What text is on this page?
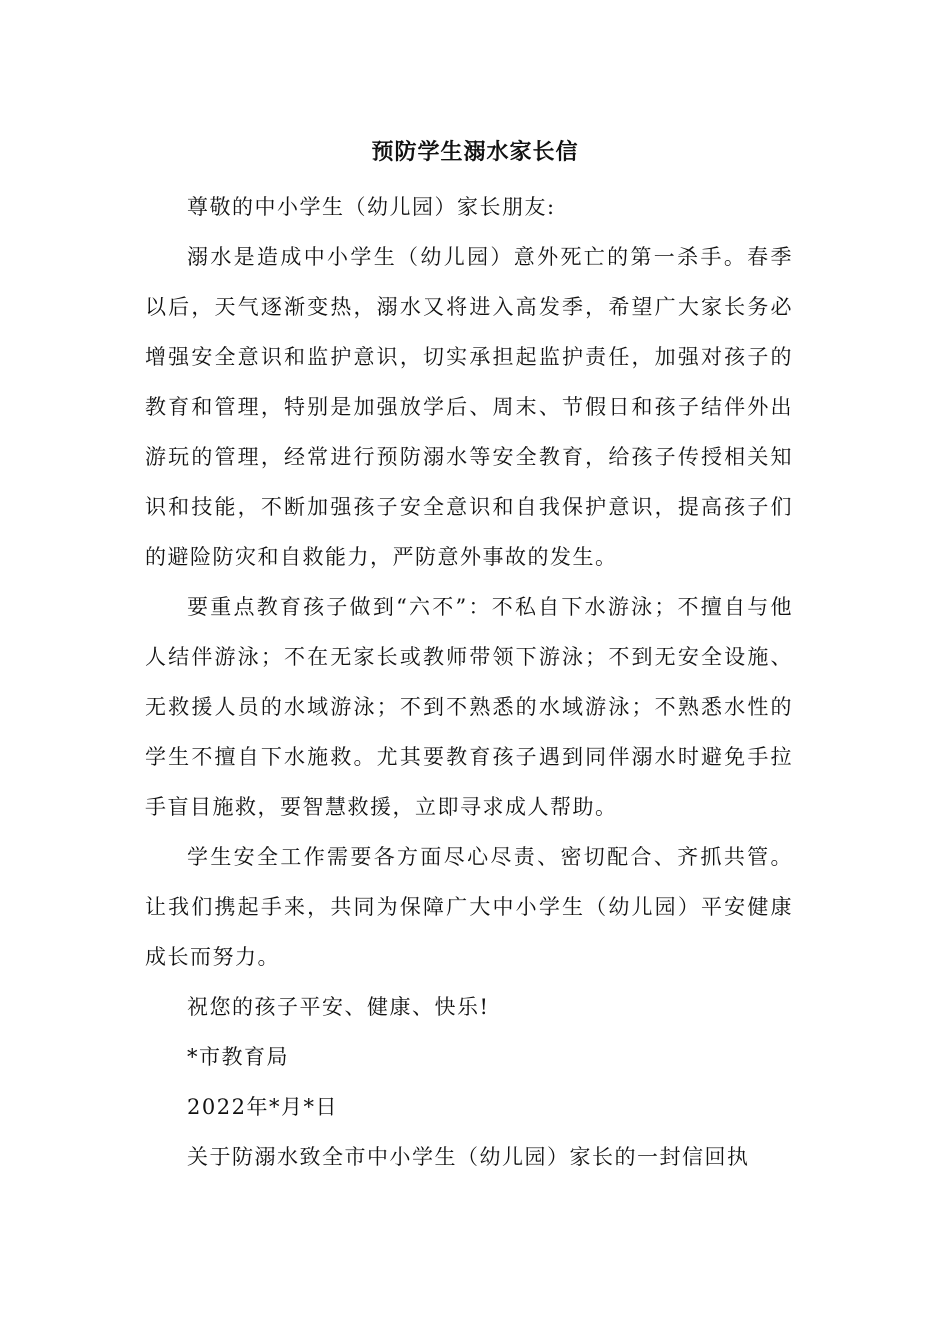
预防学生溺水家长信

尊敬的中小学生（幼儿园）家长朋友:

溺水是造成中小学生（幼儿园）意外死亡的第一杀手。春季以后，天气逐渐变热，溺水又将进入高发季，希望广大家长务必增强安全意识和监护意识，切实承担起监护责任，加强对孩子的教育和管理，特别是加强放学后、周末、节假日和孩子结伴外出游玩的管理，经常进行预防溺水等安全教育，给孩子传授相关知识和技能，不断加强孩子安全意识和自我保护意识，提高孩子们的避险防灾和自救能力，严防意外事故的发生。

要重点教育孩子做到“六不”：不私自下水游泳；不擅自与他人结伴游泳；不在无家长或教师带领下游泳；不到无安全设施、无救援人员的水域游泳；不到不熟悉的水域游泳；不熟悉水性的学生不擅自下水施救。尤其要教育孩子遇到同伴溺水时避免手拉手盲目施救，要智慧救援，立即寻求成人帮助。

学生安全工作需要各方面尽心尽责、密切配合、齐抓共管。让我们携起手来，共同为保障广大中小学生（幼儿园）平安健康成长而努力。

祝您的孩子平安、健康、快乐!

*市教育局

2022年*月*日

关于防溺水致全市中小学生（幼儿园）家长的一封信回执
